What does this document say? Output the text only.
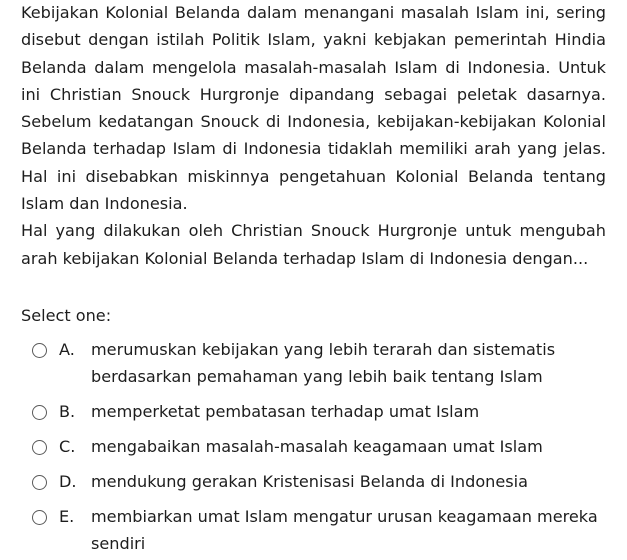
Kebijakan Kolonial Belanda dalam menangani masalah Islam ini, sering disebut dengan istilah Politik Islam, yakni kebjakan pemerintah Hindia Belanda dalam mengelola masalah-masalah Islam di Indonesia. Untuk ini Christian Snouck Hurgronje dipandang sebagai peletak dasarnya. Sebelum kedatangan Snouck di Indonesia, kebijakan-kebijakan Kolonial Belanda terhadap Islam di Indonesia tidaklah memiliki arah yang jelas. Hal ini disebabkan miskinnya pengetahuan Kolonial Belanda tentang Islam dan Indonesia.

Hal yang dilakukan oleh Christian Snouck Hurgronje untuk mengubah arah kebijakan Kolonial Belanda terhadap Islam di Indonesia dengan...

Select one:

A.	merumuskan kebijakan yang lebih terarah dan sistematis berdasarkan pemahaman yang lebih baik tentang Islam
B. memperketat pembatasan terhadap umat Islam
C. mengabaikan masalah-masalah keagamaan umat Islam
D. mendukung gerakan Kristenisasi Belanda di Indonesia
E.	membiarkan umat Islam mengatur urusan keagamaan mereka sendiri
